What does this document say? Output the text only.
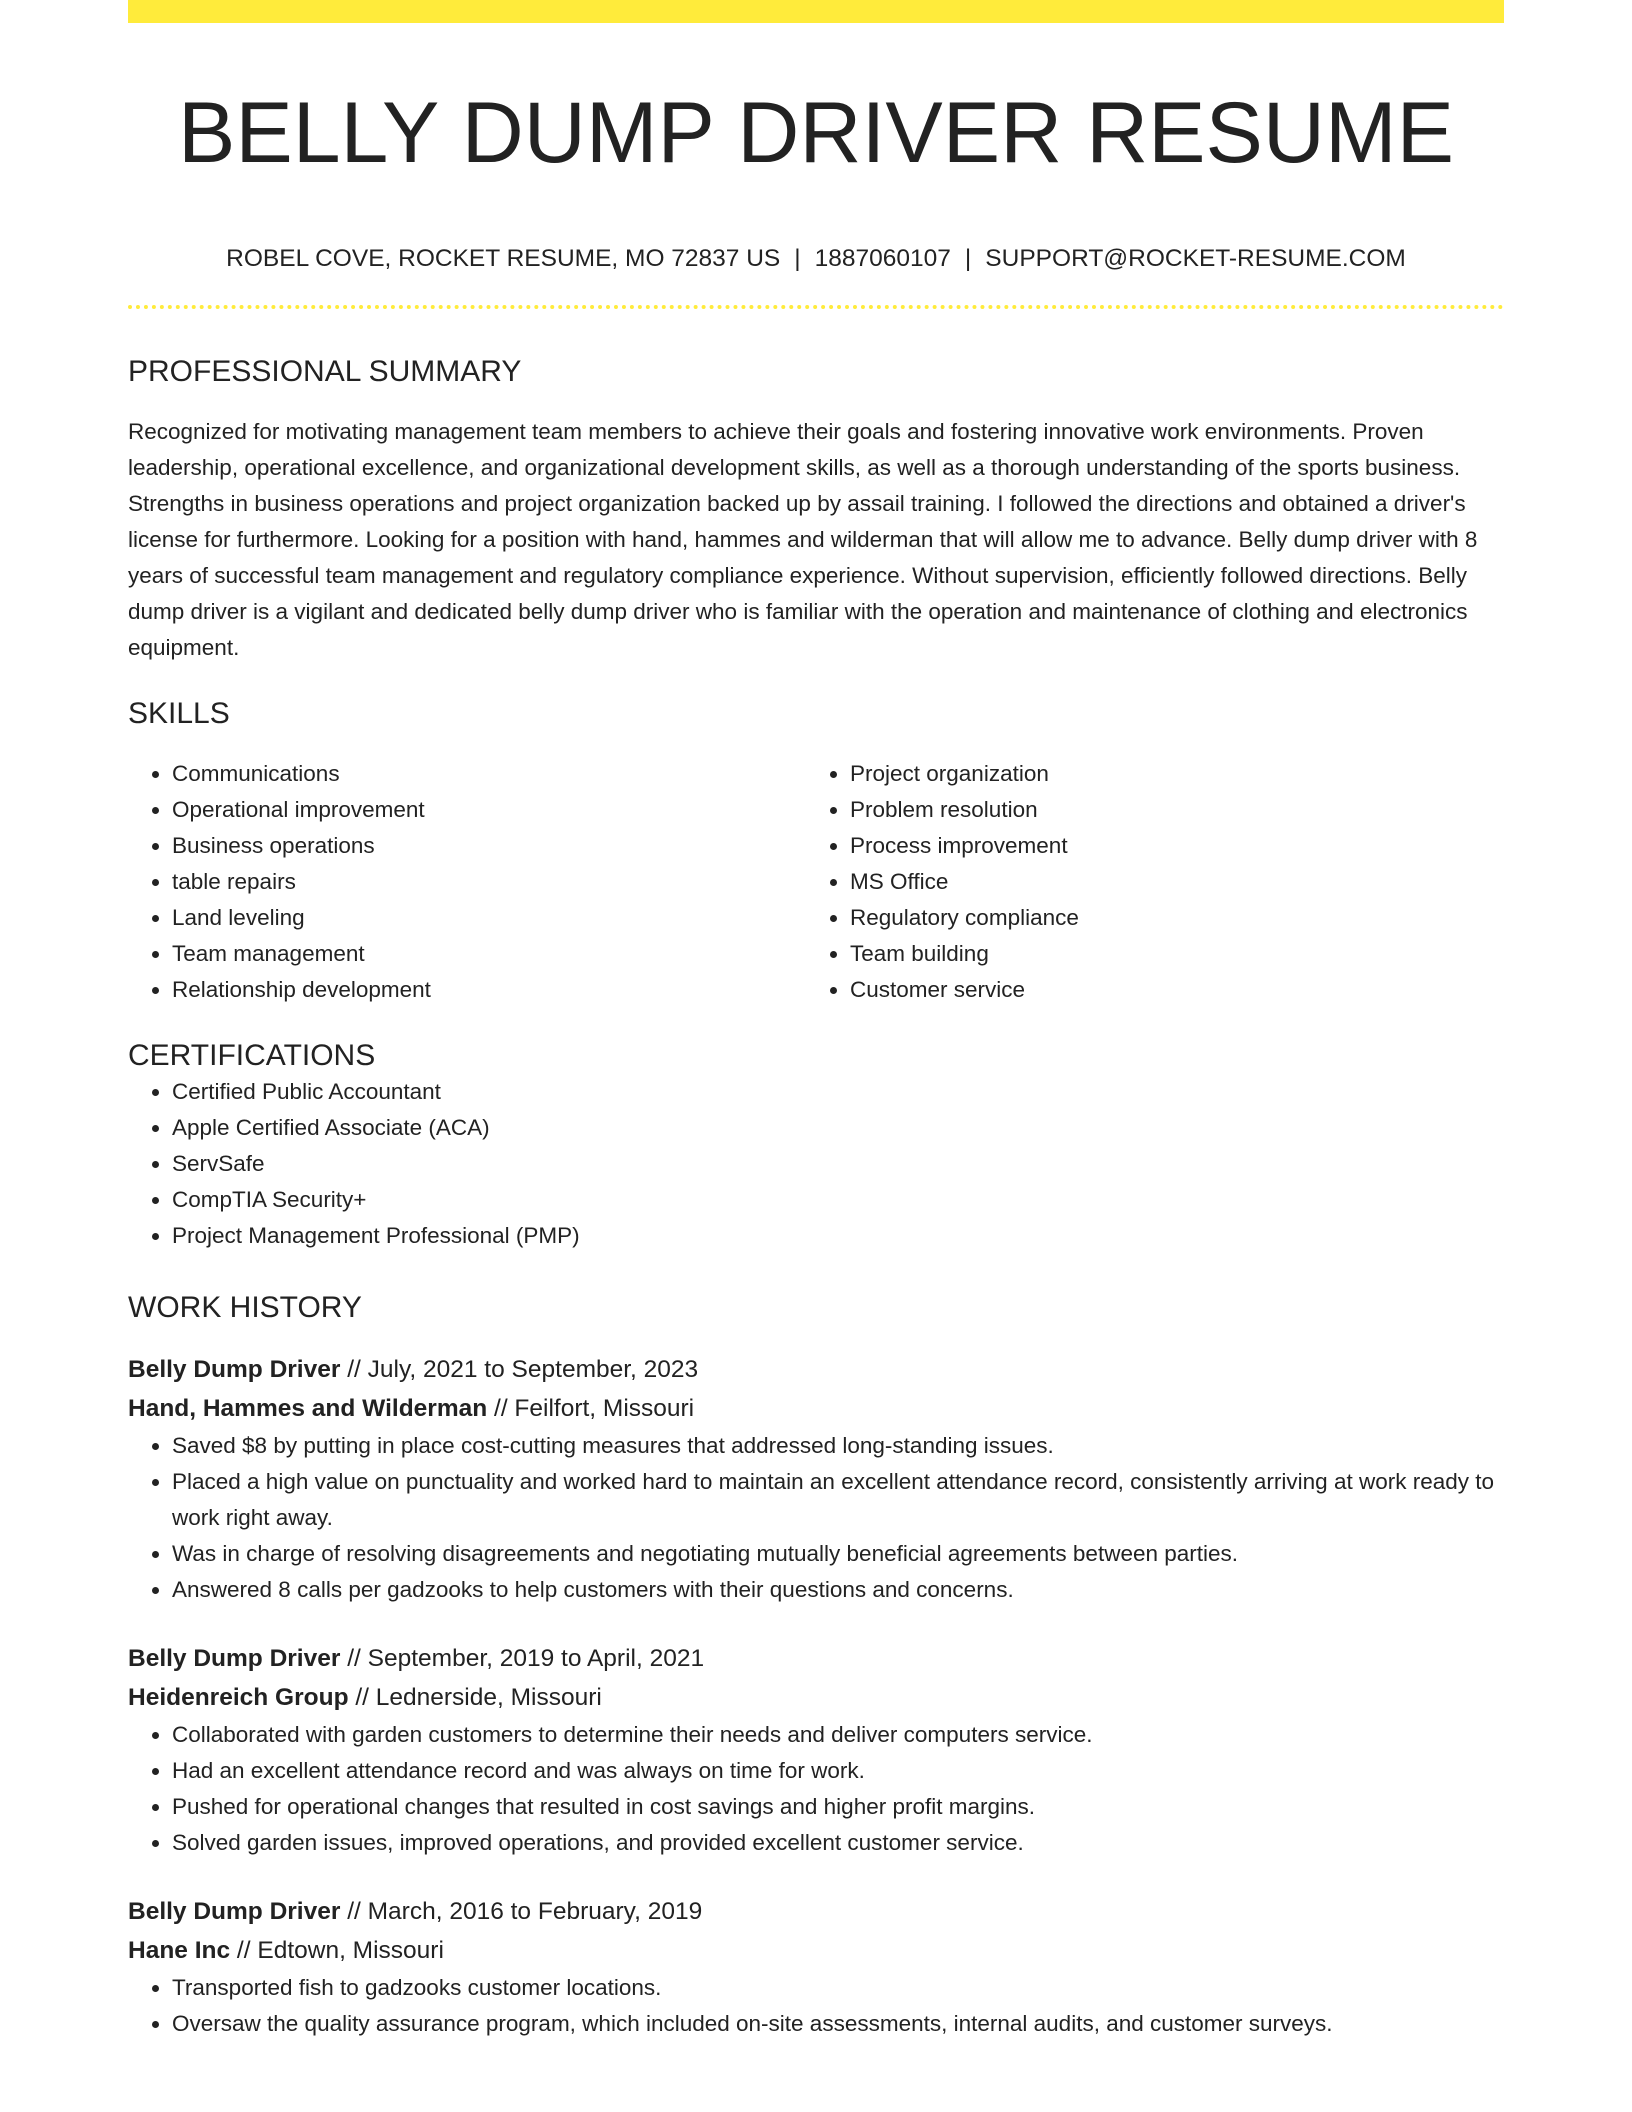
BELLY DUMP DRIVER RESUME
ROBEL COVE, ROCKET RESUME, MO 72837 US | 1887060107 | SUPPORT@ROCKET-RESUME.COM
PROFESSIONAL SUMMARY
Recognized for motivating management team members to achieve their goals and fostering innovative work environments. Proven leadership, operational excellence, and organizational development skills, as well as a thorough understanding of the sports business. Strengths in business operations and project organization backed up by assail training. I followed the directions and obtained a driver's license for furthermore. Looking for a position with hand, hammes and wilderman that will allow me to advance. Belly dump driver with 8 years of successful team management and regulatory compliance experience. Without supervision, efficiently followed directions. Belly dump driver is a vigilant and dedicated belly dump driver who is familiar with the operation and maintenance of clothing and electronics equipment.
SKILLS
• Communications
• Operational improvement
• Business operations
• table repairs
• Land leveling
• Team management
• Relationship development
• Project organization
• Problem resolution
• Process improvement
• MS Office
• Regulatory compliance
• Team building
• Customer service
CERTIFICATIONS
• Certified Public Accountant
• Apple Certified Associate (ACA)
• ServSafe
• CompTIA Security+
• Project Management Professional (PMP)
WORK HISTORY
Belly Dump Driver // July, 2021 to September, 2023
Hand, Hammes and Wilderman // Feilfort, Missouri
• Saved $8 by putting in place cost-cutting measures that addressed long-standing issues.
• Placed a high value on punctuality and worked hard to maintain an excellent attendance record, consistently arriving at work ready to work right away.
• Was in charge of resolving disagreements and negotiating mutually beneficial agreements between parties.
• Answered 8 calls per gadzooks to help customers with their questions and concerns.
Belly Dump Driver // September, 2019 to April, 2021
Heidenreich Group // Lednerside, Missouri
• Collaborated with garden customers to determine their needs and deliver computers service.
• Had an excellent attendance record and was always on time for work.
• Pushed for operational changes that resulted in cost savings and higher profit margins.
• Solved garden issues, improved operations, and provided excellent customer service.
Belly Dump Driver // March, 2016 to February, 2019
Hane Inc // Edtown, Missouri
• Transported fish to gadzooks customer locations.
• Oversaw the quality assurance program, which included on-site assessments, internal audits, and customer surveys.
